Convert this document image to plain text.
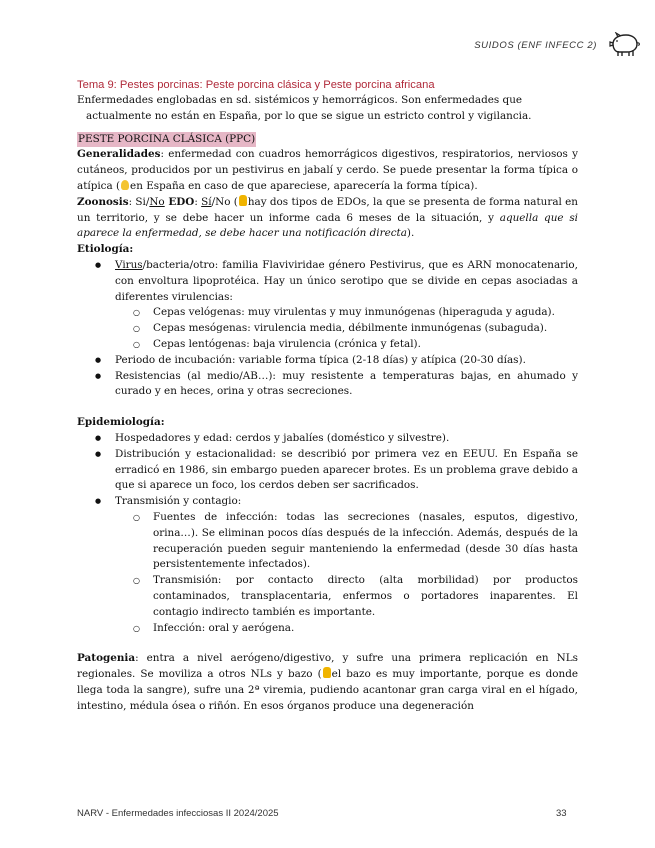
SUIDOS (ENF INFECC 2)

Tema 9: Pestes porcinas: Peste porcina clásica y Peste porcina africana

Enfermedades englobadas en sd. sistémicos y hemorrágicos. Son enfermedades que

actualmente no están en España, por lo que se sigue un estricto control y vigilancia.

PESTE PORCINA CLÁSICA (PPC)

Generalidades: enfermedad con cuadros hemorrágicos digestivos, respiratorios, nerviosos y cutáneos, producidos por un pestivirus en jabalí y cerdo. Se puede presentar la forma típica o atípica ( en España en caso de que apareciese, aparecería la forma típica).

Zoonosis: Si/No EDO: Sí/No ( hay dos tipos de EDOs, la que se presenta de forma natural en un territorio, y se debe hacer un informe cada 6 meses de la situación, y aquella que si aparece la enfermedad, se debe hacer una notificación directa).

Etiología:

● Virus/bacteria/otro: familia Flaviviridae género Pestivirus, que es ARN monocatenario, con envoltura lipoprotéica. Hay un único serotipo que se divide en cepas asociadas a diferentes virulencias:
○ Cepas velógenas: muy virulentas y muy inmunógenas (hiperaguda y aguda).
○ Cepas mesógenas: virulencia media, débilmente inmunógenas (subaguda).
○ Cepas lentógenas: baja virulencia (crónica y fetal).
● Periodo de incubación: variable forma típica (2-18 días) y atípica (20-30 días).
● Resistencias (al medio/AB…): muy resistente a temperaturas bajas, en ahumado y curado y en heces, orina y otras secreciones.

Epidemiología:

● Hospedadores y edad: cerdos y jabalíes (doméstico y silvestre).
● Distribución y estacionalidad: se describió por primera vez en EEUU. En España se erradicó en 1986, sin embargo pueden aparecer brotes. Es un problema grave debido a que si aparece un foco, los cerdos deben ser sacrificados.
● Transmisión y contagio:
○ Fuentes de infección: todas las secreciones (nasales, esputos, digestivo, orina…). Se eliminan pocos días después de la infección. Además, después de la recuperación pueden seguir manteniendo la enfermedad (desde 30 días hasta persistentemente infectados).
○ Transmisión: por contacto directo (alta morbilidad) por productos contaminados, transplacentaria, enfermos o portadores inaparentes. El contagio indirecto también es importante.
○ Infección: oral y aerógena.

Patogenia: entra a nivel aerógeno/digestivo, y sufre una primera replicación en NLs regionales. Se moviliza a otros NLs y bazo ( el bazo es muy importante, porque es donde llega toda la sangre), sufre una 2ª viremia, pudiendo acantonar gran carga viral en el hígado, intestino, médula ósea o riñón. En esos órganos produce una degeneración

NARV - Enfermedades infecciosas II 2024/2025	33
